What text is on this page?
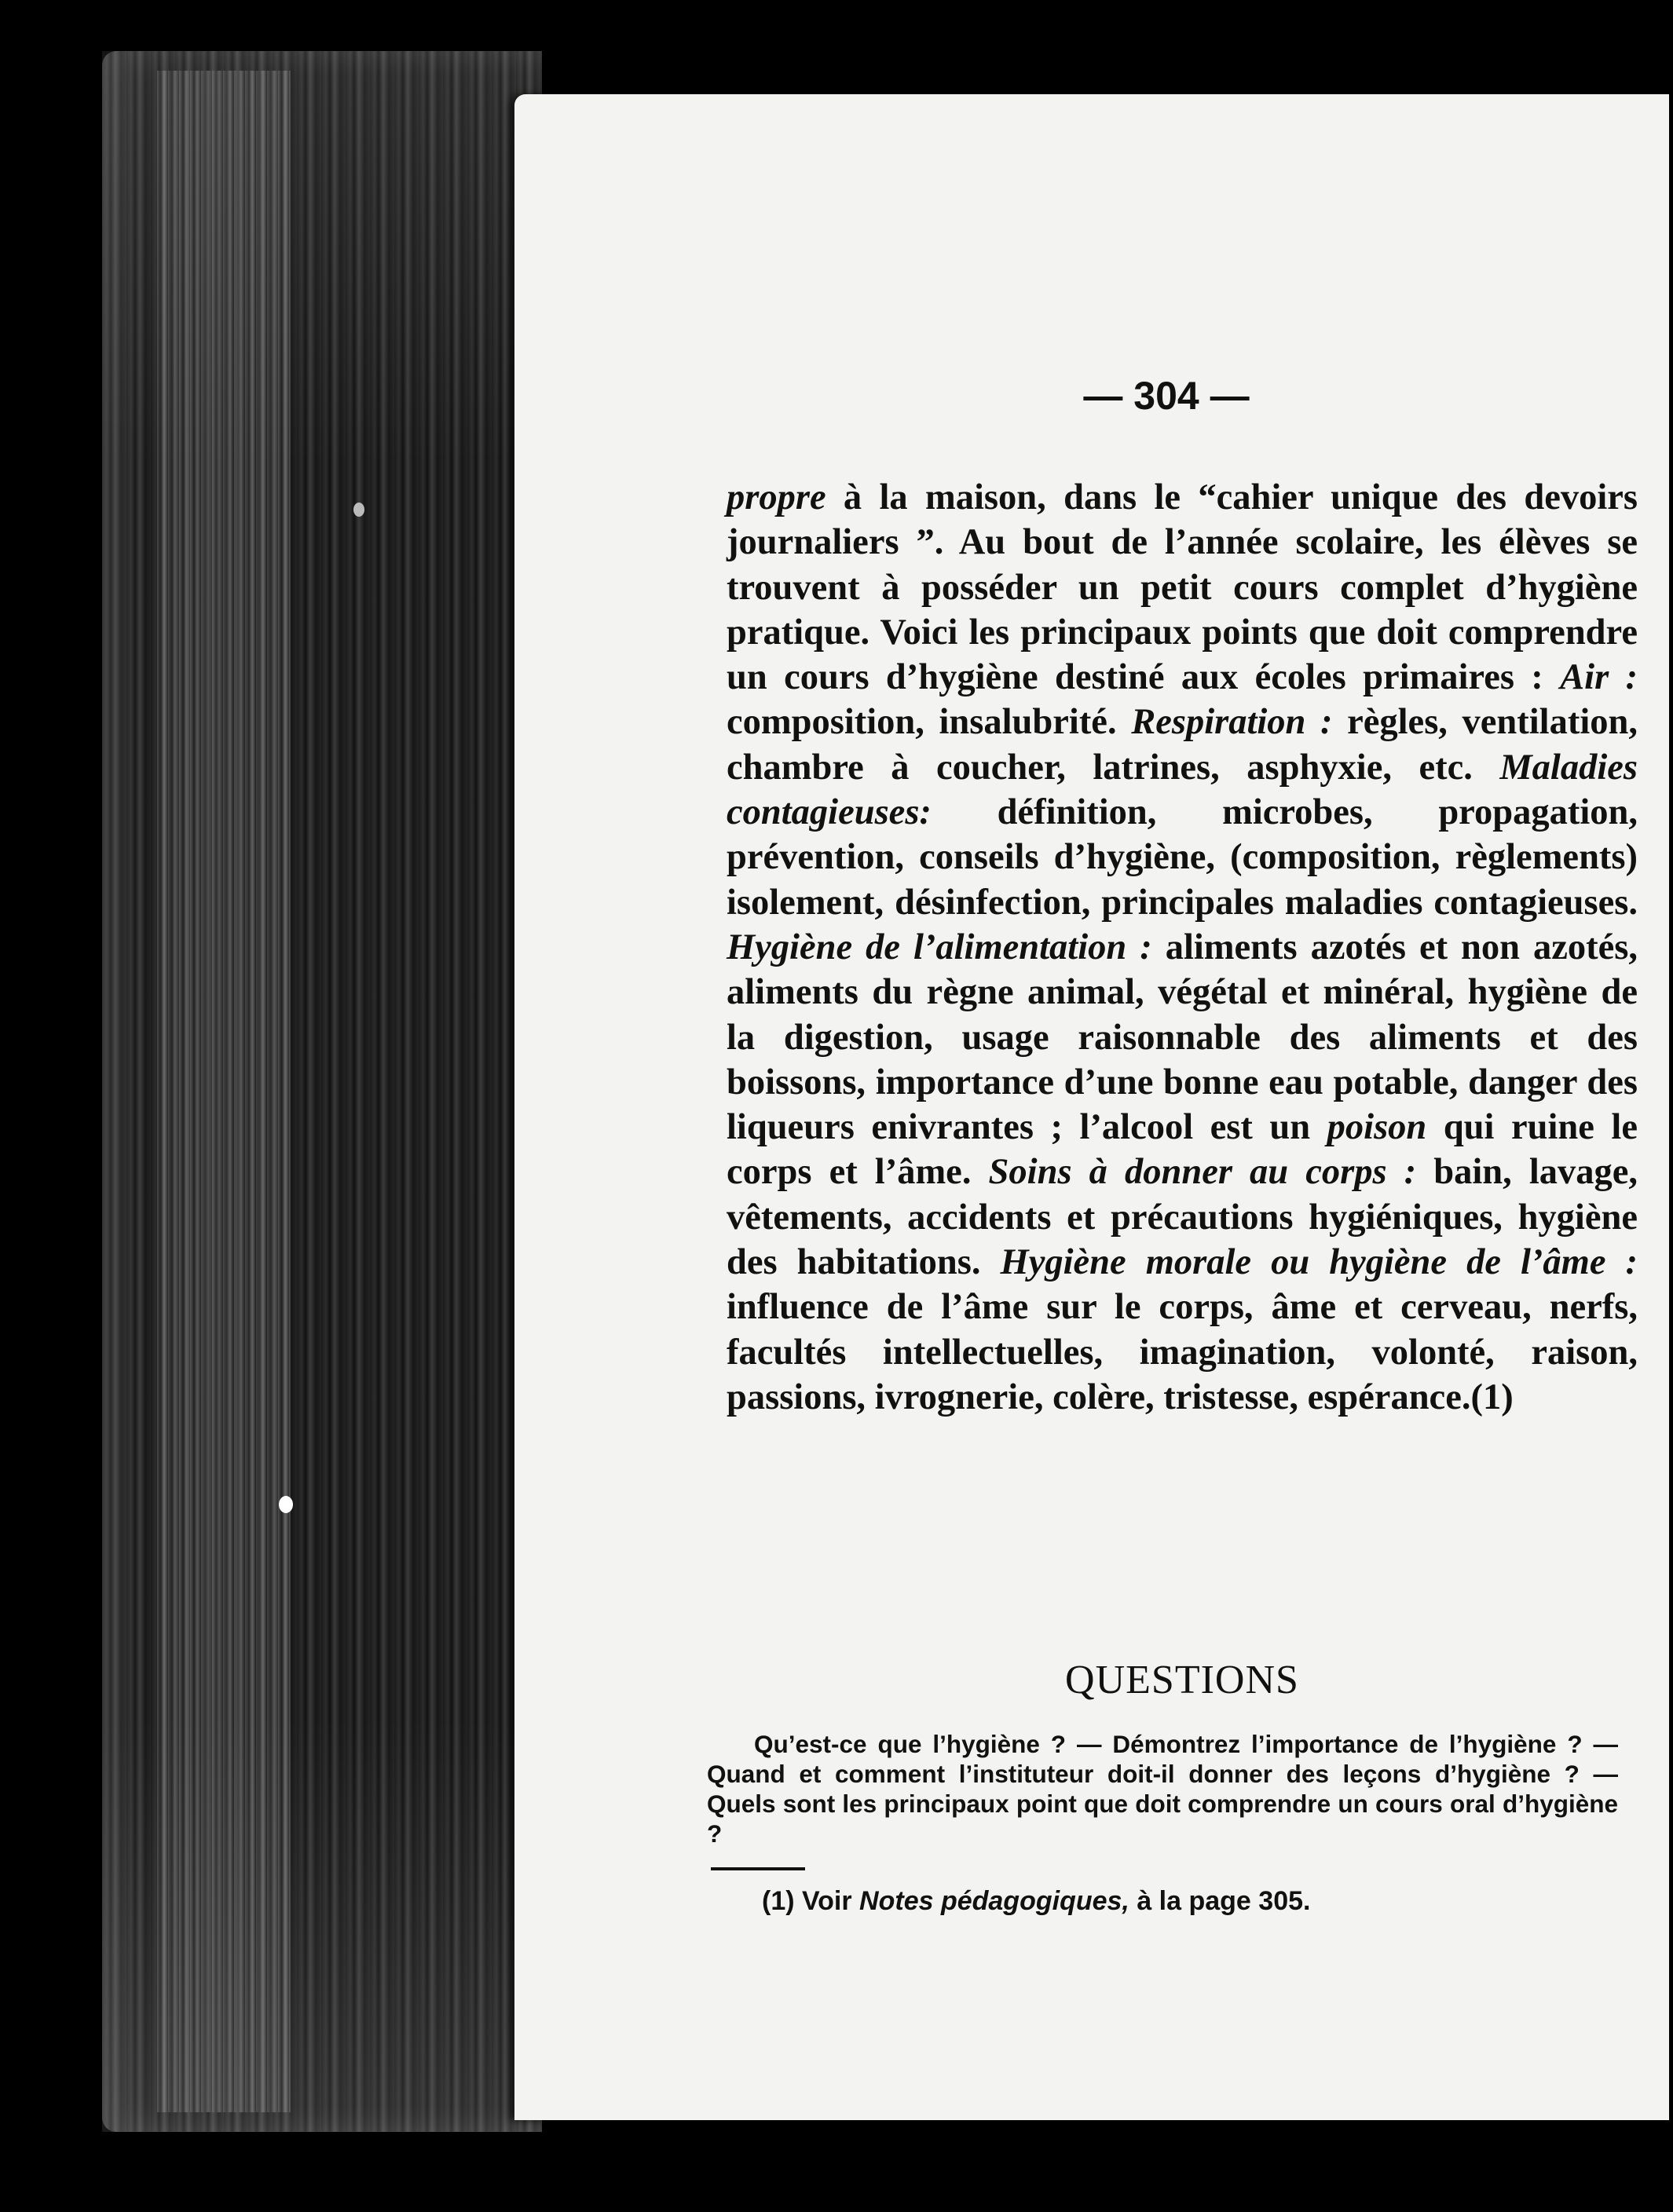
— 304 —
propre à la maison, dans le “cahier unique des devoirs journaliers ”. Au bout de l’année scolaire, les élèves se trouvent à posséder un petit cours complet d’hygiène pratique. Voici les principaux points que doit comprendre un cours d’hygiène destiné aux écoles primaires : Air : composition, insalubrité. Respiration : règles, ventilation, chambre à coucher, latrines, asphyxie, etc. Maladies contagieuses: définition, microbes, propagation, prévention, conseils d’hygiène, (composition, règlements) isolement, désinfection, principales maladies contagieuses. Hygiène de l’alimentation : aliments azotés et non azotés, aliments du règne animal, végétal et minéral, hygiène de la digestion, usage raisonnable des aliments et des boissons, importance d’une bonne eau potable, danger des liqueurs enivrantes ; l’alcool est un poison qui ruine le corps et l’âme. Soins à donner au corps : bain, lavage, vêtements, accidents et précautions hygiéniques, hygiène des habitations. Hygiène morale ou hygiène de l’âme : influence de l’âme sur le corps, âme et cerveau, nerfs, facultés intellectuelles, imagination, volonté, raison, passions, ivrognerie, colère, tristesse, espérance.(1)
QUESTIONS
Qu’est-ce que l’hygiène ? — Démontrez l’importance de l’hygiène ? — Quand et comment l’instituteur doit-il donner des leçons d’hygiène ? — Quels sont les principaux point que doit comprendre un cours oral d’hygiène ?
(1) Voir Notes pédagogiques, à la page 305.
